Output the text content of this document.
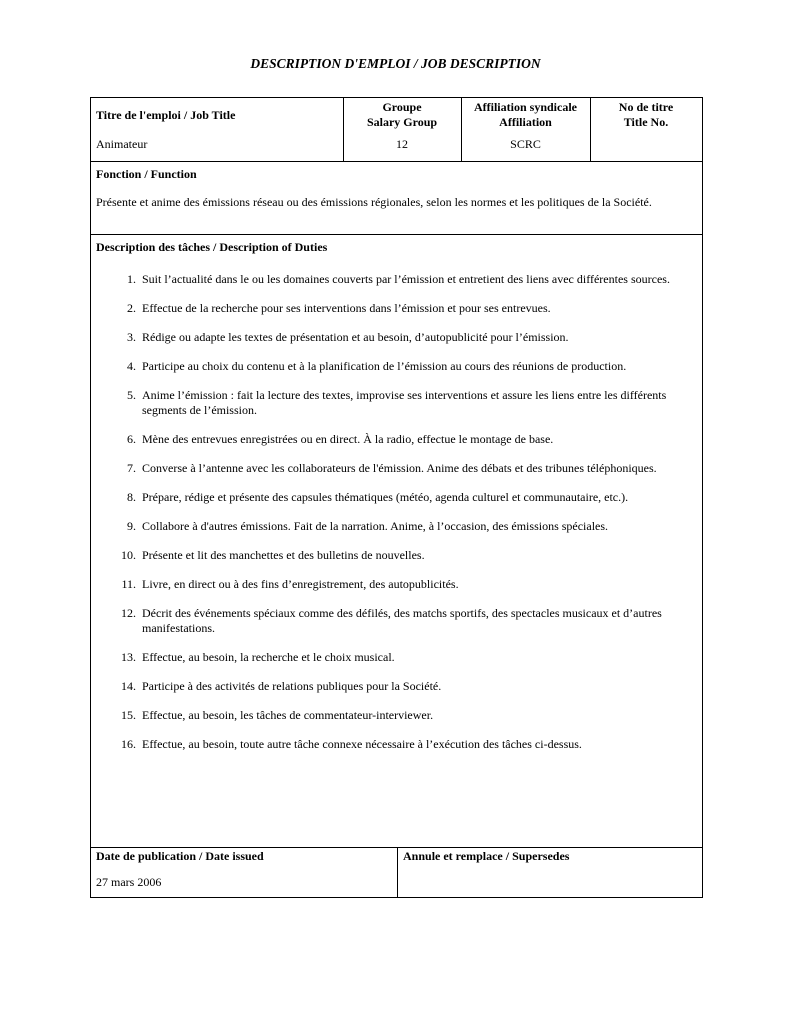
DESCRIPTION D'EMPLOI / JOB DESCRIPTION
Titre de l'emploi / Job Title
Animateur
Groupe
Salary Group
12
Affiliation syndicale
Affiliation
SCRC
No de titre
Title No.
Fonction / Function
Présente et anime des émissions réseau ou des émissions régionales, selon les normes et les politiques de la Société.
Description des tâches / Description of Duties
1. Suit l’actualité dans le ou les domaines couverts par l’émission et entretient des liens avec différentes sources.
2. Effectue de la recherche pour ses interventions dans l’émission et pour ses entrevues.
3. Rédige ou adapte les textes de présentation et au besoin, d’autopublicité pour l’émission.
4. Participe au choix du contenu et à la planification de l’émission au cours des réunions de production.
5. Anime l’émission : fait la lecture des textes, improvise ses interventions et assure les liens entre les différents segments de l’émission.
6. Mène des entrevues enregistrées ou en direct. À la radio, effectue le montage de base.
7. Converse à l’antenne avec les collaborateurs de l'émission. Anime des débats et des tribunes téléphoniques.
8. Prépare, rédige et présente des capsules thématiques (météo, agenda culturel et communautaire, etc.).
9. Collabore à d'autres émissions. Fait de la narration. Anime, à l’occasion, des émissions spéciales.
10. Présente et lit des manchettes et des bulletins de nouvelles.
11. Livre, en direct ou à des fins d’enregistrement, des autopublicités.
12. Décrit des événements spéciaux comme des défilés, des matchs sportifs, des spectacles musicaux et d’autres manifestations.
13. Effectue, au besoin, la recherche et le choix musical.
14. Participe à des activités de relations publiques pour la Société.
15. Effectue, au besoin, les tâches de commentateur-interviewer.
16. Effectue, au besoin, toute autre tâche connexe nécessaire à l’exécution des tâches ci-dessus.
Date de publication / Date issued
27 mars 2006
Annule et remplace / Supersedes
